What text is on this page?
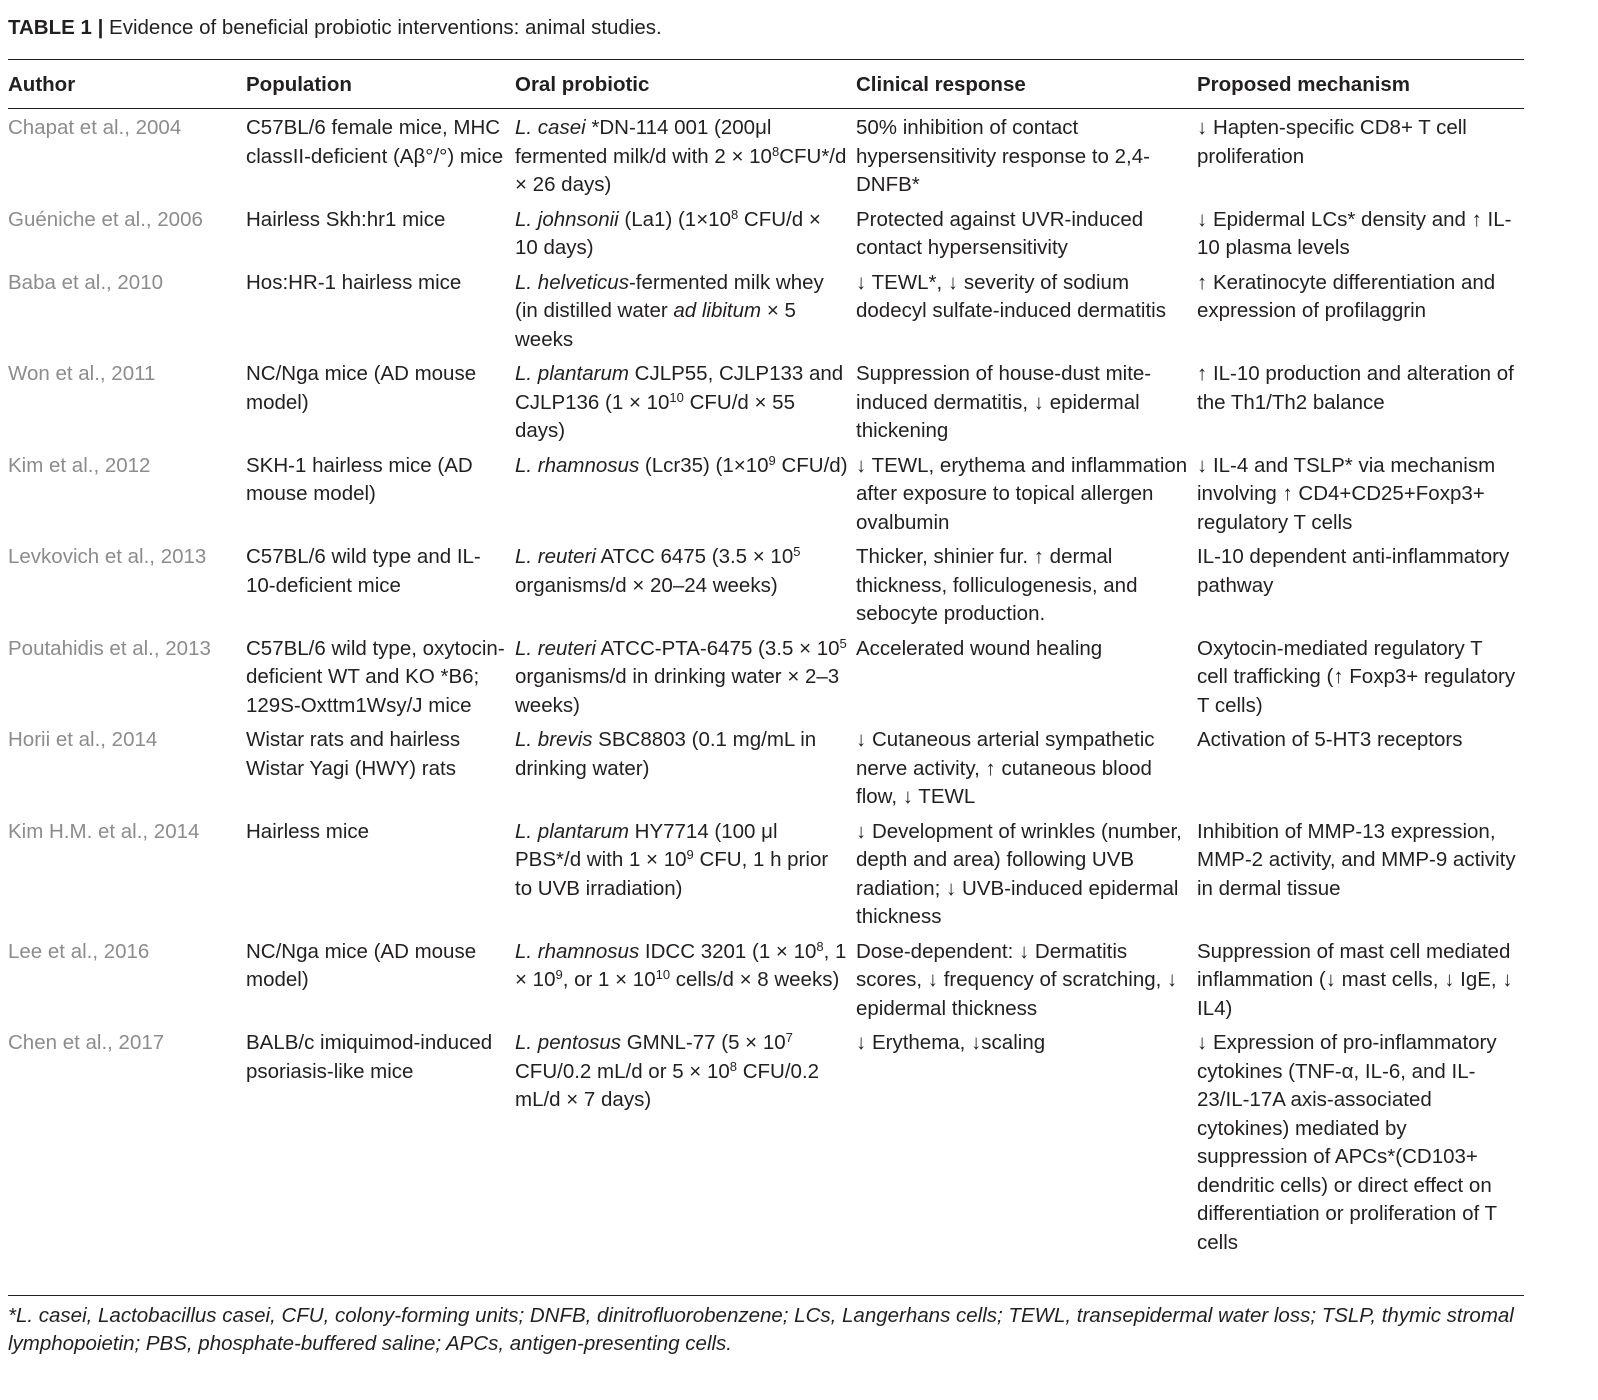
TABLE 1 | Evidence of beneficial probiotic interventions: animal studies.
Author	Population	Oral probiotic	Clinical response	Proposed mechanism
Chapat et al., 2004	C57BL/6 female mice, MHC classII-deficient (Aβ°/°) mice	L. casei *DN-114 001 (200μl fermented milk/d with $2 \times 10^8CFU*/d \times 26$ days)	50% inhibition of contact hypersensitivity response to 2,4-DNFB*	↓ Hapten-specific CD8+ T cell proliferation
Guéniche et al., 2006	Hairless Skh:hr1 mice	L. johnsonii (La1) ($1\times 10^8$ CFU/d × 10 days)	Protected against UVR-induced contact hypersensitivity	↓ Epidermal LCs* density and ↑ IL-10 plasma levels
Baba et al., 2010	Hos:HR-1 hairless mice	L. helveticus-fermented milk whey (in distilled water ad libitum × 5 weeks	↓ TEWL*, ↓ severity of sodium dodecyl sulfate-induced dermatitis	↑ Keratinocyte differentiation and expression of profilaggrin
Won et al., 2011	NC/Nga mice (AD mouse model)	L. plantarum CJLP55, CJLP133 and CJLP136 ($1 \times 10^{10}$ CFU/d × 55 days)	Suppression of house-dust mite-induced dermatitis, ↓ epidermal thickening	↑ IL-10 production and alteration of the Th1/Th2 balance
Kim et al., 2012	SKH-1 hairless mice (AD mouse model)	L. rhamnosus (Lcr35) ($1\times 10^9$ CFU/d)	↓ TEWL, erythema and inflammation after exposure to topical allergen ovalbumin	↓ IL-4 and TSLP* via mechanism involving ↑ CD4+CD25+Foxp3+ regulatory T cells
Levkovich et al., 2013	C57BL/6 wild type and IL-10-deficient mice	L. reuteri ATCC 6475 ($3.5 \times 10^5$ organisms/d × 20–24 weeks)	Thicker, shinier fur. ↑ dermal thickness, folliculogenesis, and sebocyte production.	IL-10 dependent anti-inflammatory pathway
Poutahidis et al., 2013	C57BL/6 wild type, oxytocin-deficient WT and KO *B6; 129S-Oxttm1Wsy/J mice	L. reuteri ATCC-PTA-6475 ($3.5 \times 10^5$ organisms/d in drinking water × 2–3 weeks)	Accelerated wound healing	Oxytocin-mediated regulatory T cell trafficking (↑ Foxp3+ regulatory T cells)
Horii et al., 2014	Wistar rats and hairless Wistar Yagi (HWY) rats	L. brevis SBC8803 (0.1 mg/mL in drinking water)	↓ Cutaneous arterial sympathetic nerve activity, ↑ cutaneous blood flow, ↓ TEWL	Activation of 5-HT3 receptors
Kim H.M. et al., 2014	Hairless mice	L. plantarum HY7714 (100 μl PBS*/d with $1 \times 10^9$ CFU, 1 h prior to UVB irradiation)	↓ Development of wrinkles (number, depth and area) following UVB radiation; ↓ UVB-induced epidermal thickness	Inhibition of MMP-13 expression, MMP-2 activity, and MMP-9 activity in dermal tissue
Lee et al., 2016	NC/Nga mice (AD mouse model)	L. rhamnosus IDCC 3201 ($1 \times 10^8$, $1 \times 10^9$, or $1 \times 10^{10}$ cells/d × 8 weeks)	Dose-dependent: ↓ Dermatitis scores, ↓ frequency of scratching, ↓ epidermal thickness	Suppression of mast cell mediated inflammation (↓ mast cells, ↓ IgE, ↓ IL4)
Chen et al., 2017	BALB/c imiquimod-induced psoriasis-like mice	L. pentosus GMNL-77 ($5 \times 10^7$ CFU/0.2 mL/d or $5 \times 10^8$ CFU/0.2 mL/d × 7 days)	↓ Erythema, ↓scaling	↓ Expression of pro-inflammatory cytokines (TNF-α, IL-6, and IL-23/IL-17A axis-associated cytokines) mediated by suppression of APCs*(CD103+ dendritic cells) or direct effect on differentiation or proliferation of T cells
*L. casei, Lactobacillus casei, CFU, colony-forming units; DNFB, dinitrofluorobenzene; LCs, Langerhans cells; TEWL, transepidermal water loss; TSLP, thymic stromal lymphopoietin; PBS, phosphate-buffered saline; APCs, antigen-presenting cells.
